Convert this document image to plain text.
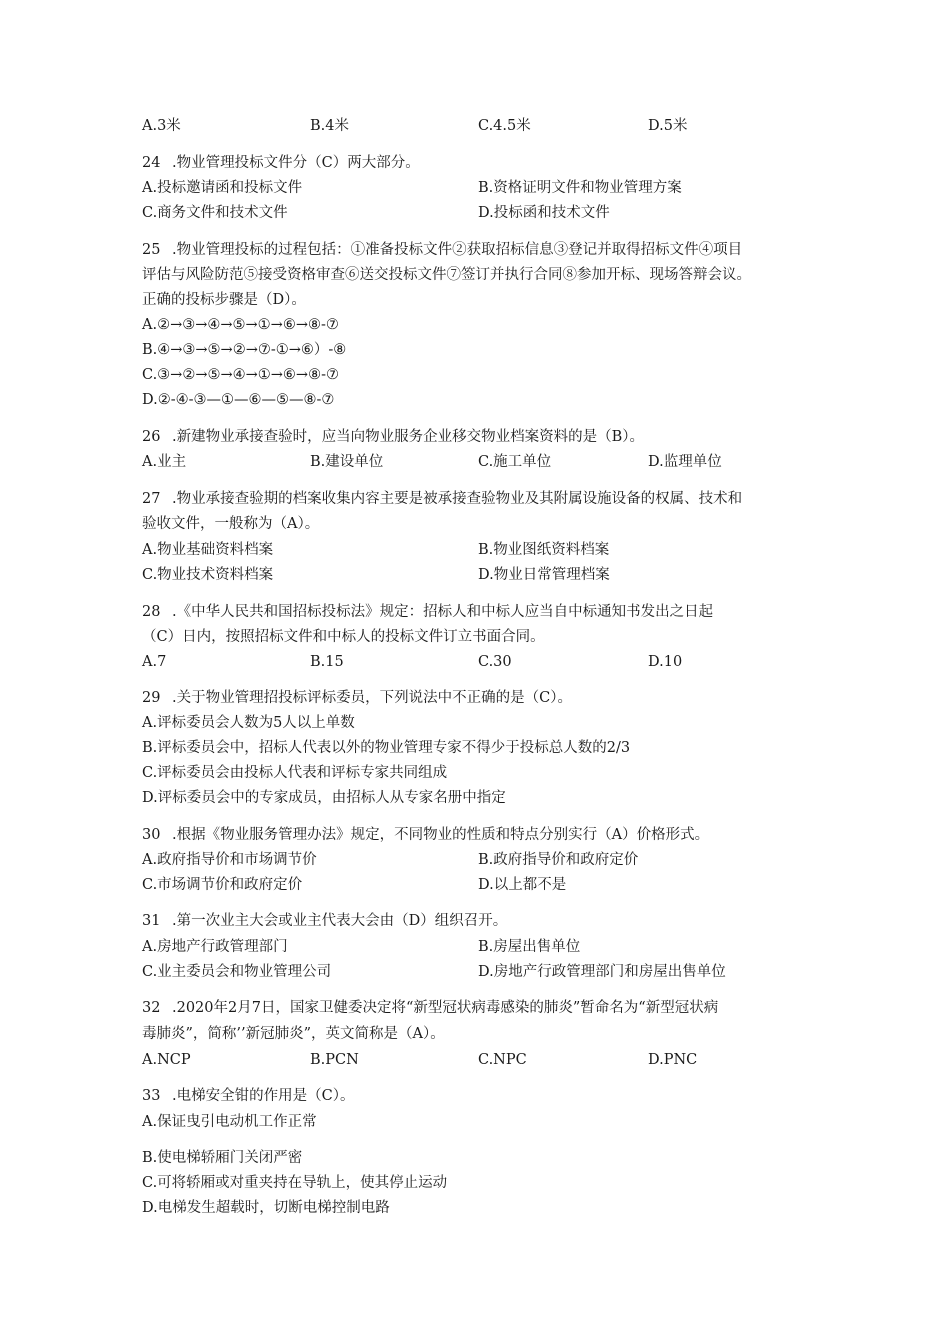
A.3米	B.4米	C.4.5米	D.5米
24 .物业管理投标文件分（C）两大部分。
A.投标邀请函和投标文件	B.资格证明文件和物业管理方案
C.商务文件和技术文件	D.投标函和技术文件
25 .物业管理投标的过程包括：①准备投标文件②获取招标信息③登记并取得招标文件④项目
评估与风险防范⑤接受资格审查⑥送交投标文件⑦签订并执行合同⑧参加开标、现场答辩会议。
正确的投标步骤是（D）。
A.②→③→④→⑤→①→⑥→⑧-⑦
B.④→③→⑤→②→⑦-①→⑥）-⑧
C.③→②→⑤→④→①→⑥→⑧-⑦
D.②-④-③—①—⑥—⑤—⑧-⑦
26 .新建物业承接查验时，应当向物业服务企业移交物业档案资料的是（B）。
A.业主	B.建设单位	C.施工单位	D.监理单位
27 .物业承接查验期的档案收集内容主要是被承接查验物业及其附属设施设备的权属、技术和
验收文件，一般称为（A）。
A.物业基础资料档案	B.物业图纸资料档案
C.物业技术资料档案	D.物业日常管理档案
28 .《中华人民共和国招标投标法》规定：招标人和中标人应当自中标通知书发出之日起
（C）日内，按照招标文件和中标人的投标文件订立书面合同。
A.7	B.15	C.30	D.10
29 .关于物业管理招投标评标委员，下列说法中不正确的是（C）。
A.评标委员会人数为5人以上单数
B.评标委员会中，招标人代表以外的物业管理专家不得少于投标总人数的2/3
C.评标委员会由投标人代表和评标专家共同组成
D.评标委员会中的专家成员，由招标人从专家名册中指定
30 .根据《物业服务管理办法》规定，不同物业的性质和特点分别实行（A）价格形式。
A.政府指导价和市场调节价	B.政府指导价和政府定价
C.市场调节价和政府定价	D.以上都不是
31 .第一次业主大会或业主代表大会由（D）组织召开。
A.房地产行政管理部门	B.房屋出售单位
C.业主委员会和物业管理公司	D.房地产行政管理部门和房屋出售单位
32 .2020年2月7日，国家卫健委决定将“新型冠状病毒感染的肺炎”暂命名为“新型冠状病
毒肺炎”，简称’’新冠肺炎”，英文简称是（A）。
A.NCP	B.PCN	C.NPC	D.PNC
33 .电梯安全钳的作用是（C）。
A.保证曳引电动机工作正常
B.使电梯轿厢门关闭严密
C.可将轿厢或对重夹持在导轨上，使其停止运动
D.电梯发生超载时，切断电梯控制电路
